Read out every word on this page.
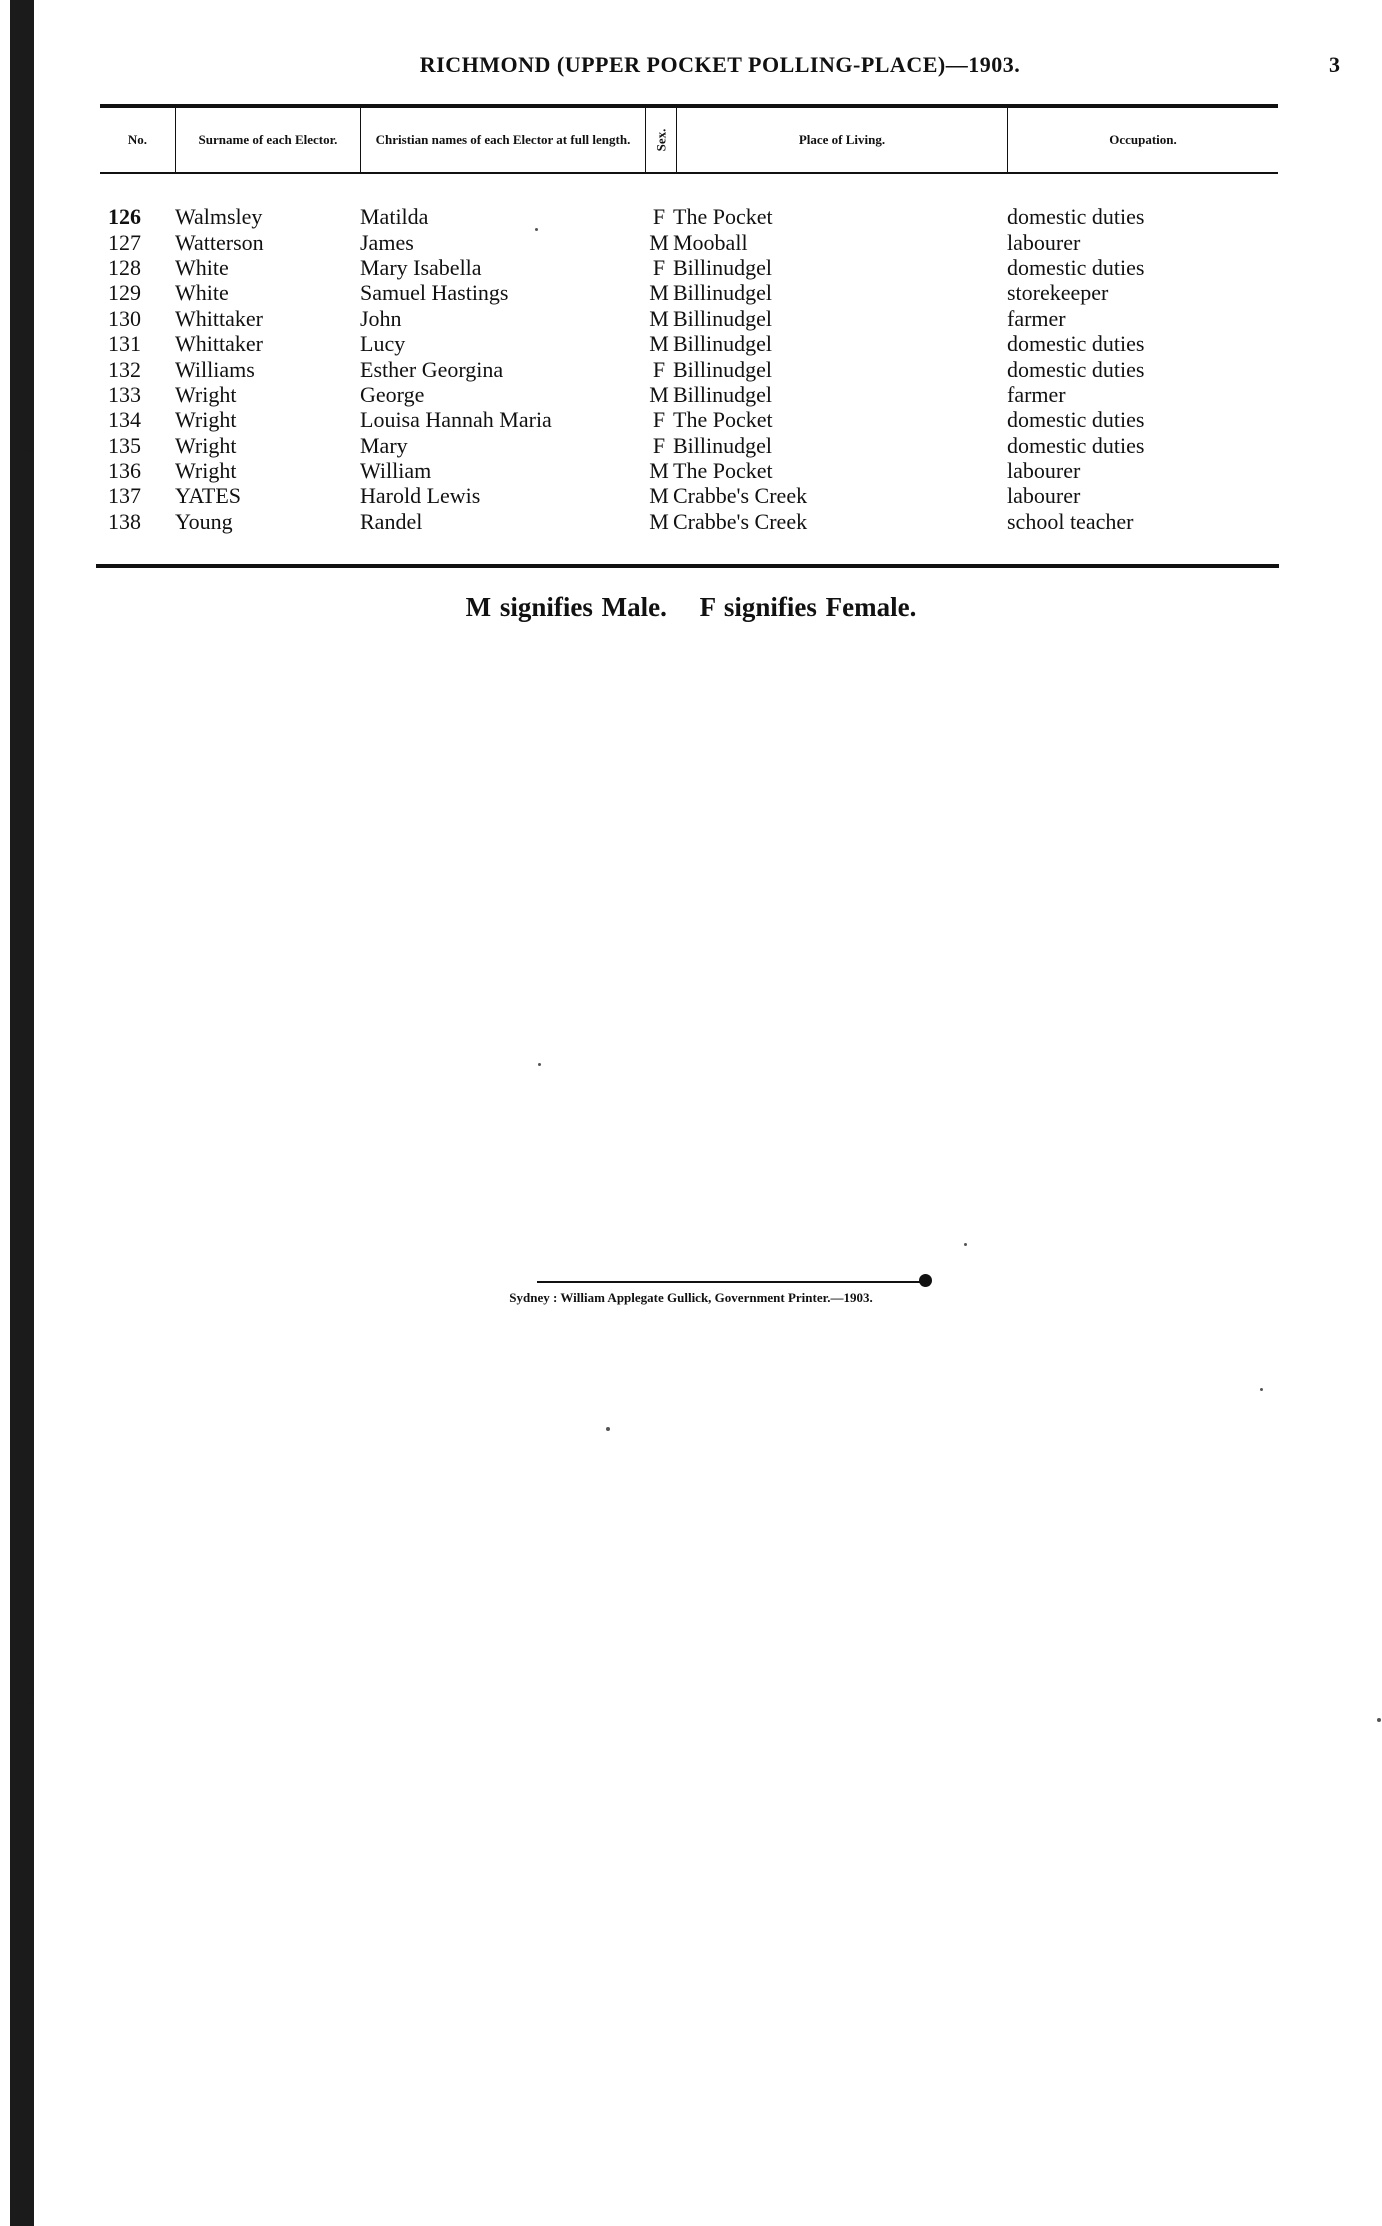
RICHMOND (UPPER POCKET POLLING-PLACE)—1903.	3
No.	Surname of each Elector.	Christian names of each Elector at full length.	Sex.	Place of Living.	Occupation.
126	Walmsley	Matilda	F The Pocket	domestic duties
127	Watterson	James	M Mooball	labourer
128	White	Mary Isabella	F Billinudgel	domestic duties
129	White	Samuel Hastings	M Billinudgel	storekeeper
130	Whittaker	John	M Billinudgel	farmer
131	Whittaker	Lucy	M Billinudgel	domestic duties
132	Williams	Esther Georgina	F Billinudgel	domestic duties
133	Wright	George	M Billinudgel	farmer
134	Wright	Louisa Hannah Maria	F The Pocket	domestic duties
135	Wright	Mary	F Billinudgel	domestic duties
136	Wright	William	M The Pocket	labourer
137	YATES	Harold Lewis	M Crabbe's Creek	labourer
138	Young	Randel	M Crabbe's Creek	school teacher
M signifies Male. F signifies Female.
Sydney : William Applegate Gullick, Government Printer.—1903.
